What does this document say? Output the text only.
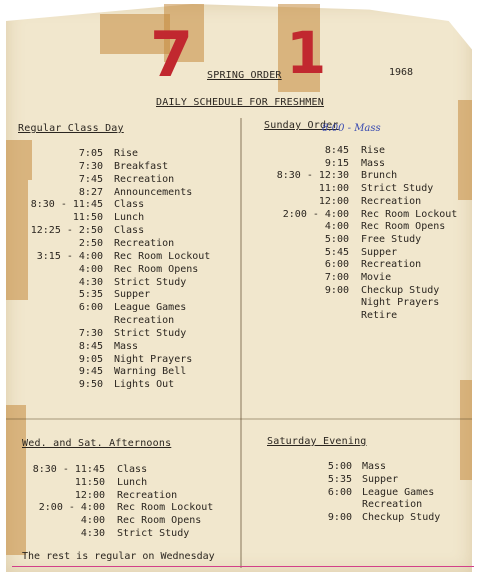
7 1
SPRING ORDER	1968
DAILY SCHEDULE FOR FRESHMEN
Regular Class Day	Sunday Order
8:00 - Mass
7:05 Rise
7:30 Breakfast
7:45 Recreation
8:27 Announcements
8:30 - 11:45 Class
11:50 Lunch
12:25 - 2:50 Class
2:50 Recreation
3:15 - 4:00 Rec Room Lockout
4:00 Rec Room Opens
4:30 Strict Study
5:35 Supper
6:00 League Games
Recreation
7:30 Strict Study
8:45 Mass
9:05 Night Prayers
9:45 Warning Bell
9:50 Lights Out
8:45 Rise
9:15 Mass
8:30 - 12:30 Brunch
11:00 Strict Study
12:00 Recreation
2:00 - 4:00 Rec Room Lockout
4:00 Rec Room Opens
5:00 Free Study
5:45 Supper
6:00 Recreation
7:00 Movie
9:00 Checkup Study
Night Prayers
Retire
Wed. and Sat. Afternoons	Saturday Evening
8:30 - 11:45 Class
11:50 Lunch
12:00 Recreation
2:00 - 4:00 Rec Room Lockout
4:00 Rec Room Opens
4:30 Strict Study
5:00 Mass
5:35 Supper
6:00 League Games
Recreation
9:00 Checkup Study
The rest is regular on Wednesday
